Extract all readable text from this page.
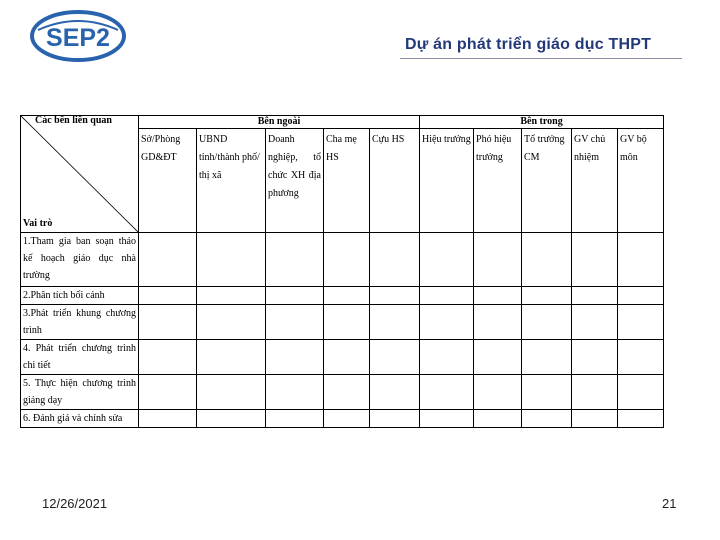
SEP2	Dự án phát triển giáo dục THPT
Các bên liên quan
Vai trò	Bên ngoài					Bên trong				
	Sở/Phòng GD&ĐT	UBND tỉnh/thành phố/ thị xã	Doanh nghiệp, tổ chức XH địa phương	Cha mẹ HS	Cựu HS	Hiệu trưởng	Phó hiệu trưởng	Tổ trưởng CM	GV chủ nhiệm	GV bộ môn
1.Tham gia ban soạn thảo kế hoạch giáo dục nhà trường										
2.Phân tích bối cảnh										
3.Phát triển khung chương trình										
4. Phát triển chương trình chi tiết										
5. Thực hiện chương trình giảng dạy										
6. Đánh giá và chỉnh sửa										
12/26/2021	21
